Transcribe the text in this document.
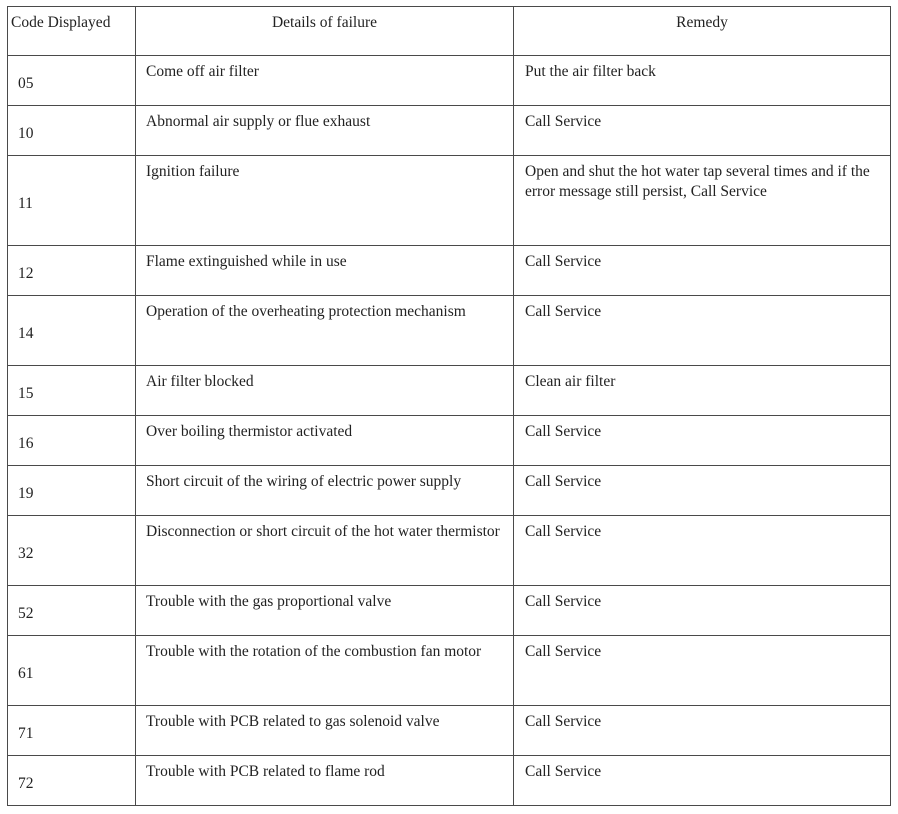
Code Displayed	Details of failure	Remedy
05	Come off air filter	Put the air filter back
10	Abnormal air supply or flue exhaust	Call Service
11	Ignition failure	Open and shut the hot water tap several times and if the error message still persist, Call Service
12	Flame extinguished while in use	Call Service
14	Operation of the overheating protection mechanism	Call Service
15	Air filter blocked	Clean air filter
16	Over boiling thermistor activated	Call Service
19	Short circuit of the wiring of electric power supply	Call Service
32	Disconnection or short circuit of the hot water thermistor	Call Service
52	Trouble with the gas proportional valve	Call Service
61	Trouble with the rotation of the combustion fan motor	Call Service
71	Trouble with PCB related to gas solenoid valve	Call Service
72	Trouble with PCB related to flame rod	Call Service
